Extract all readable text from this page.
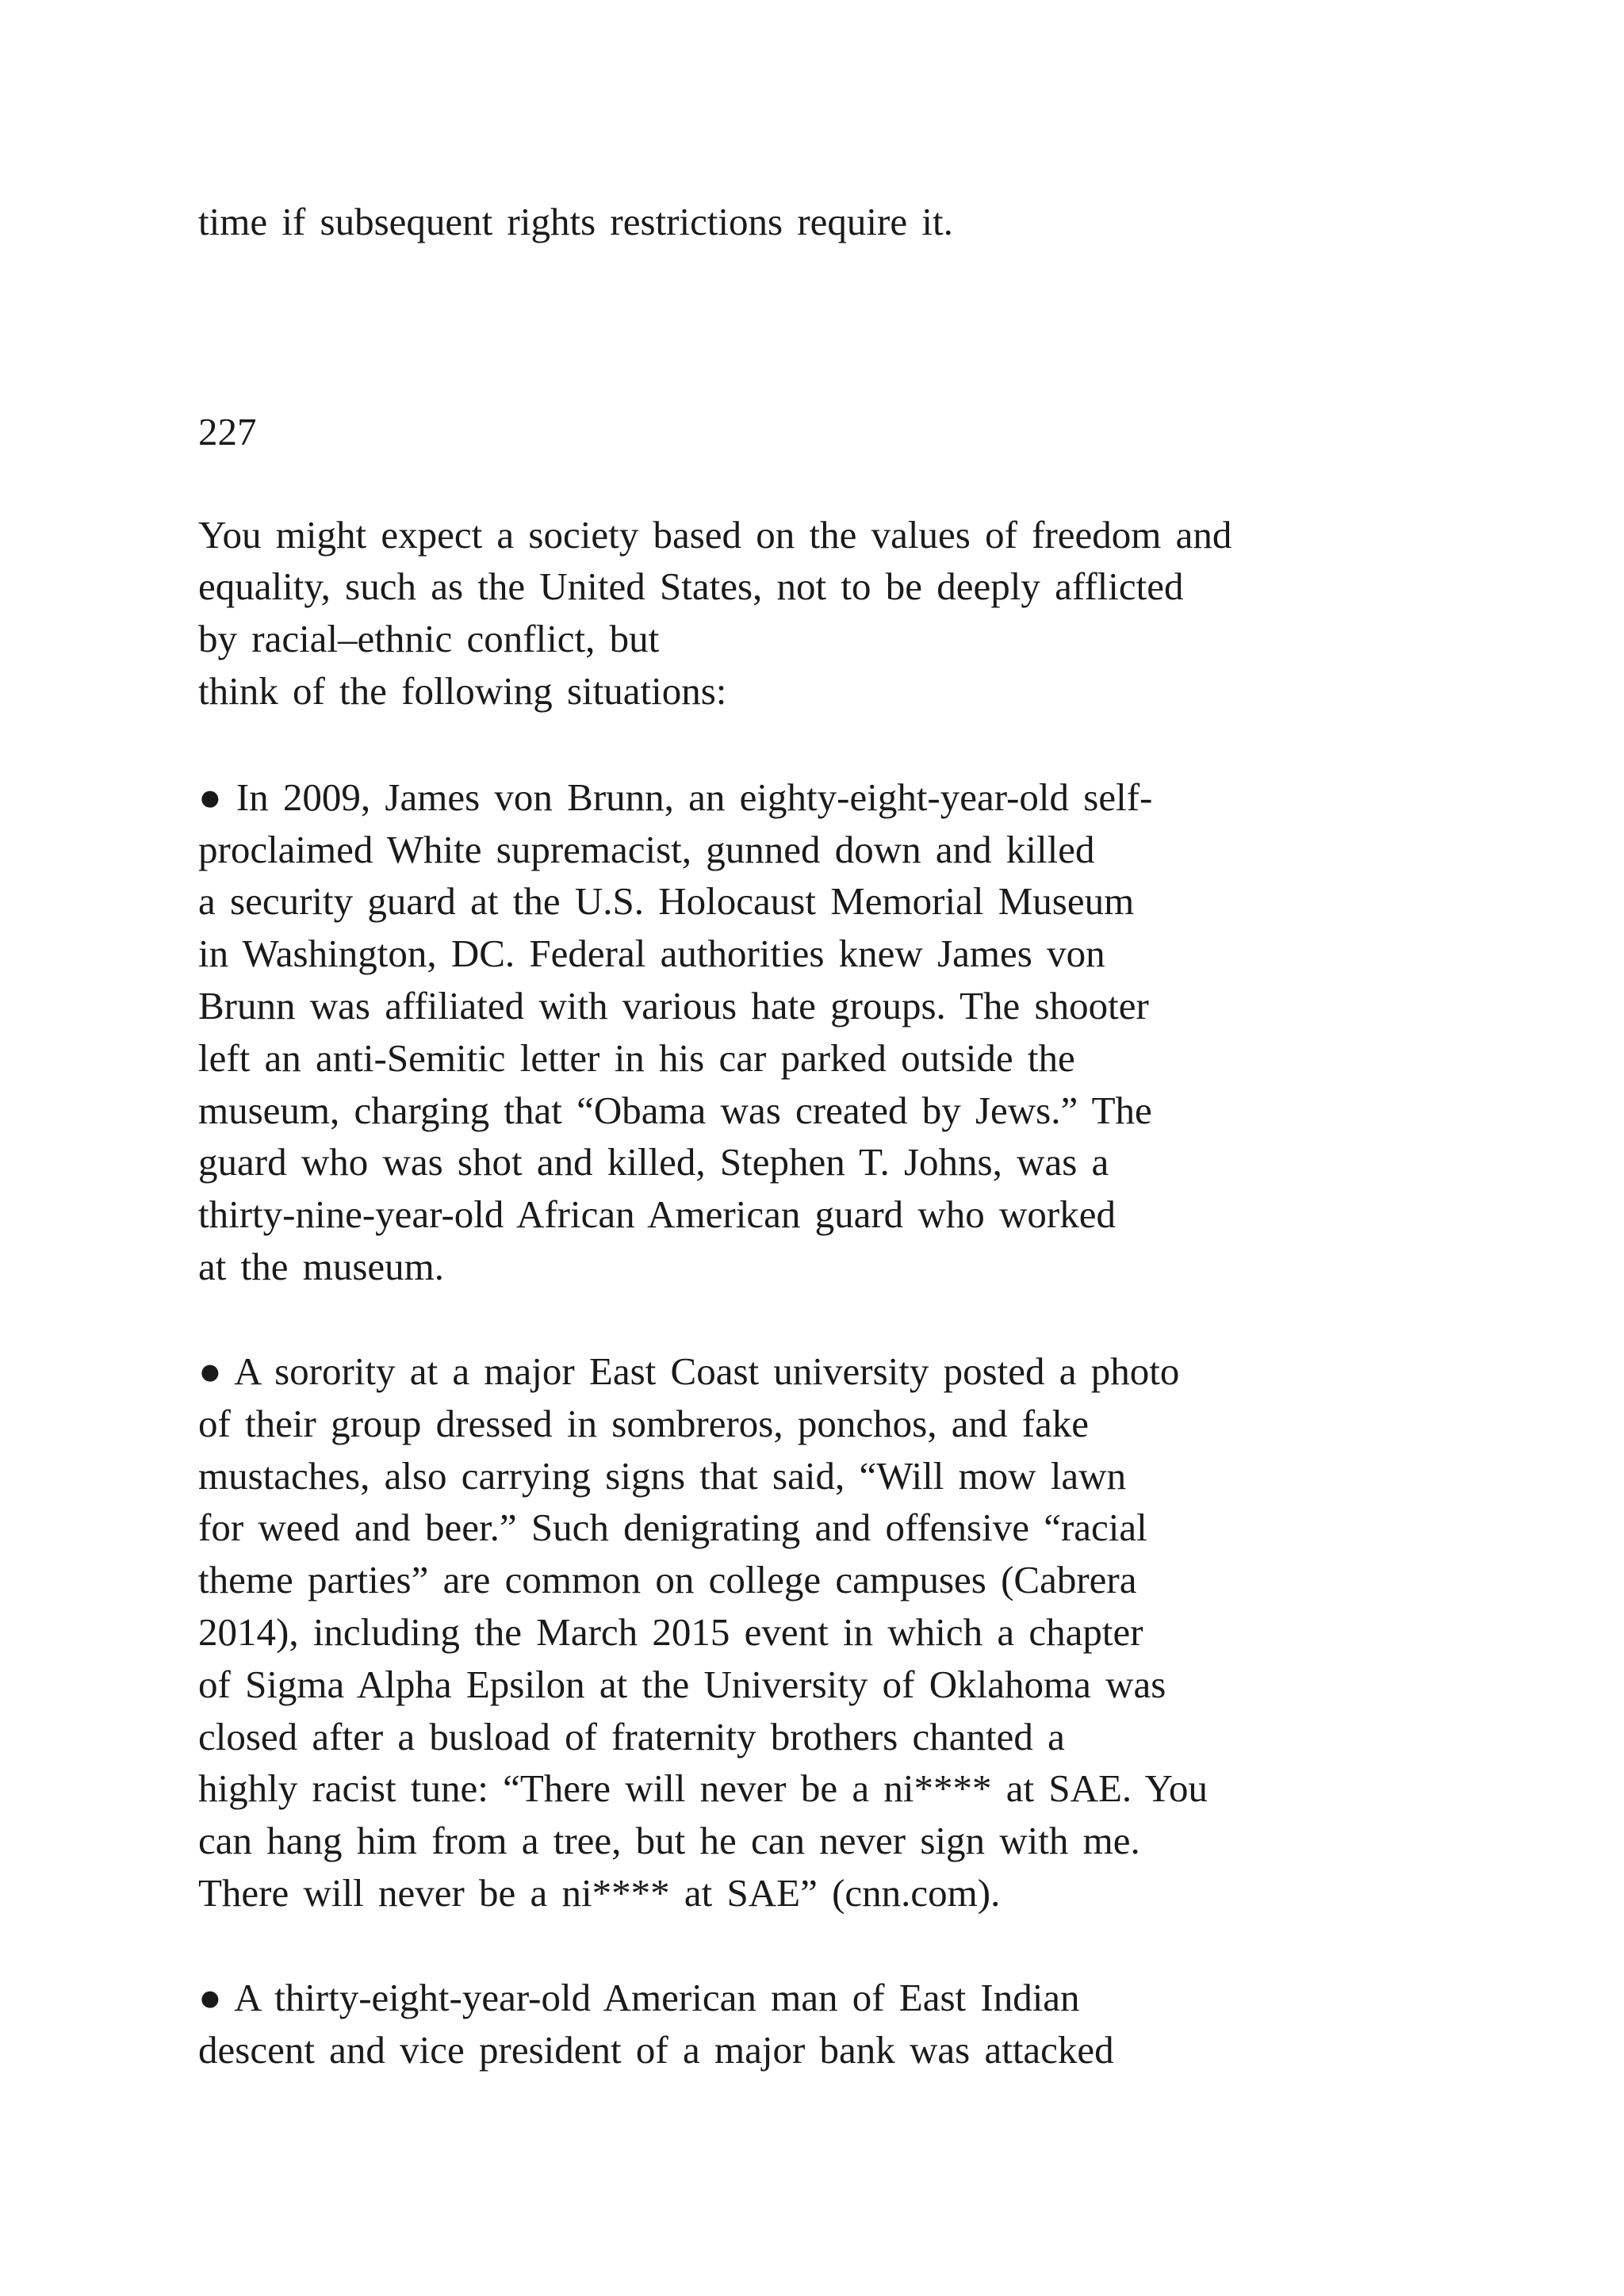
time if subsequent rights restrictions require it.
227
You might expect a society based on the values of freedom and
equality, such as the United States, not to be deeply afflicted
by racial–ethnic conflict, but
think of the following situations:
● In 2009, James von Brunn, an eighty-eight-year-old self-
proclaimed White supremacist, gunned down and killed
a security guard at the U.S. Holocaust Memorial Museum
in Washington, DC. Federal authorities knew James von
Brunn was affiliated with various hate groups. The shooter
left an anti-Semitic letter in his car parked outside the
museum, charging that “Obama was created by Jews.” The
guard who was shot and killed, Stephen T. Johns, was a
thirty-nine-year-old African American guard who worked
at the museum.
● A sorority at a major East Coast university posted a photo
of their group dressed in sombreros, ponchos, and fake
mustaches, also carrying signs that said, “Will mow lawn
for weed and beer.” Such denigrating and offensive “racial
theme parties” are common on college campuses (Cabrera
2014), including the March 2015 event in which a chapter
of Sigma Alpha Epsilon at the University of Oklahoma was
closed after a busload of fraternity brothers chanted a
highly racist tune: “There will never be a ni**** at SAE. You
can hang him from a tree, but he can never sign with me.
There will never be a ni**** at SAE” (cnn.com).
● A thirty-eight-year-old American man of East Indian
descent and vice president of a major bank was attacked
